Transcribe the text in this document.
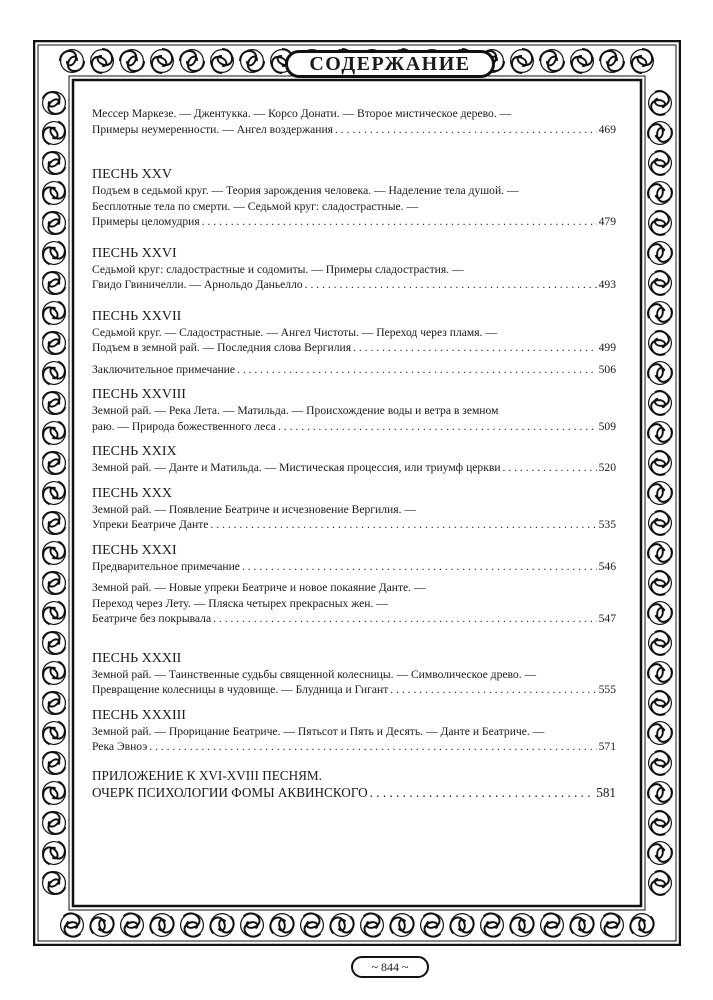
СОДЕРЖАНИЕ
~ 844 ~
Мессер Маркезе. — Джентукка. — Корсо Донати. — Второе мистическое дерево. —
Примеры неумеренности. — Ангел воздержания . . .	469
ПЕСНЬ XXV
Подъем в седьмой круг. — Теория зарождения человека. — Наделение тела душой. —
Бесплотные тела по смерти. — Седьмой круг: сладострастные. —
Примеры целомудрия . . .	479
ПЕСНЬ XXVI
Седьмой круг: сладострастные и содомиты. — Примеры сладострастия. —
Гвидо Гвиничелли. — Арнольдо Даньелло . . .	493
ПЕСНЬ XXVII
Седьмой круг. — Сладострастные. — Ангел Чистоты. — Переход через пламя. —
Подъем в земной рай. — Последния слова Вергилия . . .	499
Заключительное примечание . . .	506
ПЕСНЬ XXVIII
Земной рай. — Река Лета. — Матильда. — Происхождение воды и ветра в земном
раю. — Природа божественного леса . . .	509
ПЕСНЬ XXIX
Земной рай. — Данте и Матильда. — Мистическая процессия, или триумф церкви . . .	520
ПЕСНЬ XXX
Земной рай. — Появление Беатриче и исчезновение Вергилия. —
Упреки Беатриче Данте . . .	535
ПЕСНЬ XXXI
Предварительное примечание . . .	546
Земной рай. — Новые упреки Беатриче и новое покаяние Данте. —
Переход через Лету. — Пляска четырех прекрасных жен. —
Беатриче без покрывала . . .	547
ПЕСНЬ XXXII
Земной рай. — Таинственные судьбы священной колесницы. — Символическое древо. —
Превращение колесницы в чудовище. — Блудница и Гигант . . .	555
ПЕСНЬ XXXIII
Земной рай. — Прорицание Беатриче. — Пятьсот и Пять и Десять. — Данте и Беатриче. —
Река Эвноэ . . .	571
ПРИЛОЖЕНИЕ К XVI-XVIII ПЕСНЯМ.
ОЧЕРК ПСИХОЛОГИИ ФОМЫ АКВИНСКОГО . . .	581
